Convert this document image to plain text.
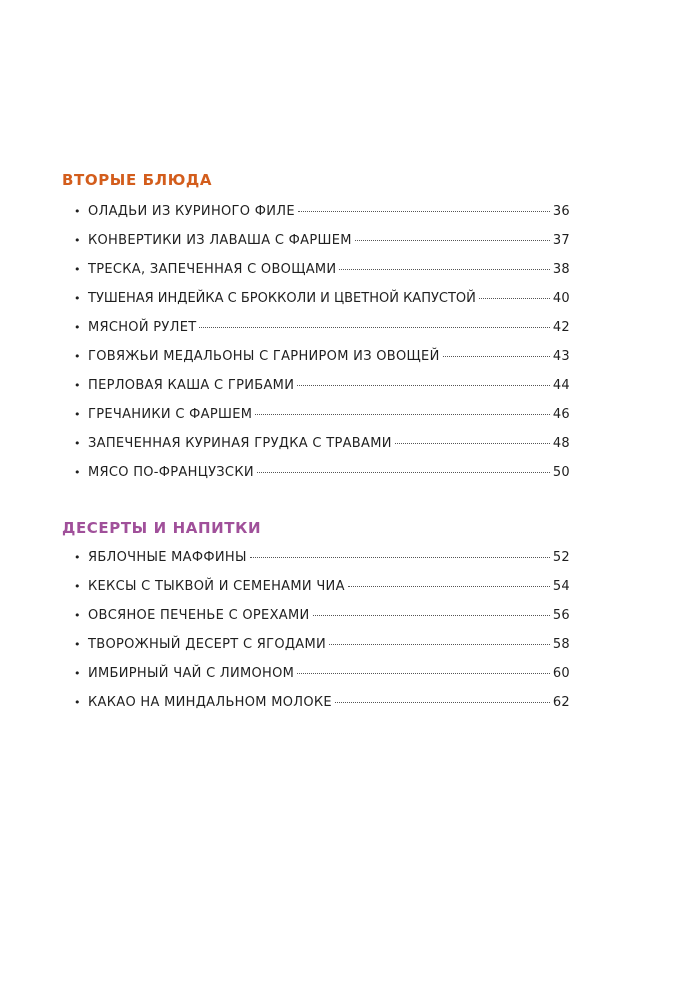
ВТОРЫЕ БЛЮДА
• ОЛАДЬИ ИЗ КУРИНОГО ФИЛЕ	36
• КОНВЕРТИКИ ИЗ ЛАВАША С ФАРШЕМ	37
• ТРЕСКА, ЗАПЕЧЕННАЯ С ОВОЩАМИ	38
• ТУШЕНАЯ ИНДЕЙКА С БРОККОЛИ И ЦВЕТНОЙ КАПУСТОЙ	40
• МЯСНОЙ РУЛЕТ	42
• ГОВЯЖЬИ МЕДАЛЬОНЫ С ГАРНИРОМ ИЗ ОВОЩЕЙ	43
• ПЕРЛОВАЯ КАША С ГРИБАМИ	44
• ГРЕЧАНИКИ С ФАРШЕМ	46
• ЗАПЕЧЕННАЯ КУРИНАЯ ГРУДКА С ТРАВАМИ	48
• МЯСО ПО-ФРАНЦУЗСКИ	50
ДЕСЕРТЫ И НАПИТКИ
• ЯБЛОЧНЫЕ МАФФИНЫ	52
• КЕКСЫ С ТЫКВОЙ И СЕМЕНАМИ ЧИА	54
• ОВСЯНОЕ ПЕЧЕНЬЕ С ОРЕХАМИ	56
• ТВОРОЖНЫЙ ДЕСЕРТ С ЯГОДАМИ	58
• ИМБИРНЫЙ ЧАЙ С ЛИМОНОМ	60
• КАКАО НА МИНДАЛЬНОМ МОЛОКЕ	62
